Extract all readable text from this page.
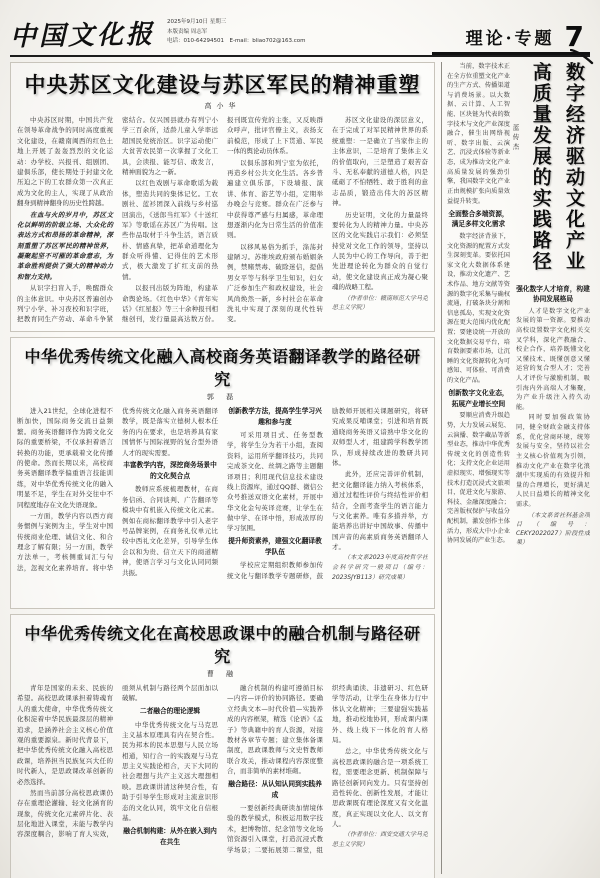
中国文化报 2025年9月10日 星期三
本版责编 周志军
电话：010-64294501　E-mail：bliao702@163.com	理论·专题 7
中央苏区文化建设与苏区军民的精神重塑
高小华

中央苏区时期，中国共产党在领导革命战争的同时高度重视文化建设，在赣南闽西的红色土地上开展了轰轰烈烈的文化运动：办学校、兴报刊、组剧团、建俱乐部，使长期处于封建文化压迫之下的工农群众第一次真正成为文化的主人，实现了从政治翻身到精神翻身的历史性跨越。

在血与火的岁月中，苏区文化以鲜明的阶级立场、大众化的表达方式和昂扬的革命精神，深刻重塑了苏区军民的精神世界，凝聚起坚不可摧的革命意志，为革命胜利提供了强大的精神动力和智力支持。

从识字扫盲入手，唤醒群众的主体意识。中央苏区普遍创办列宁小学、补习夜校和识字班，把教育同生产劳动、革命斗争紧密结合。仅兴国县就办有列宁小学三百余所，适龄儿童入学率远超国民党统治区。识字运动使广大贫苦农民第一次掌握了文化工具，会读报、能写信、敢发言，精神面貌为之一新。

以红色戏剧与革命歌谣为载体，塑造共同的集体记忆。工农剧社、蓝衫团深入前线与乡村巡回演出，《送郎当红军》《十送红军》等歌谣在苏区广为传唱。这些作品取材于斗争生活，语言质朴、情感真挚，把革命道理化为群众听得懂、记得住的艺术形式，极大激发了扩红支前的热情。

以报刊出版为阵地，构建革命舆论场。《红色中华》《青年实话》《红星报》等三十余种报刊相继创刊，发行量最高达数万份。报刊既宣传党的主张，又反映群众呼声，批评官僚主义，表扬支前模范，形成了上下贯通、军民一体的舆论动员体系。

以俱乐部和列宁室为依托，再造乡村公共文化生活。各乡普遍建立俱乐部，下设墙报、演讲、体育、游艺等小组，定期举办晚会与竞赛。群众在广泛参与中获得尊严感与归属感，革命理想逐渐内化为日常生活的价值准则。

以移风易俗为抓手，涤荡封建陋习。苏维埃政府颁布婚姻条例，禁赌禁毒、破除迷信，提倡男女平等与科学卫生知识，妇女广泛参加生产和政权建设，社会风尚焕然一新，乡村社会在革命洗礼中实现了深刻的现代性转变。

苏区文化建设的深层意义，在于完成了对军民精神世界的系统重塑：一是确立了当家作主的主体意识，二是培育了集体主义的价值取向，三是塑造了艰苦奋斗、无私奉献的道德人格，四是砥砺了不怕牺牲、敢于胜利的意志品质，锻造出伟大的苏区精神。

历史证明，文化的力量最终要转化为人的精神力量。中央苏区的文化实践启示我们：必须坚持党对文化工作的领导，坚持以人民为中心的工作导向，善于把先进理论转化为群众的自觉行动，使文化建设真正成为凝心聚魂的战略工程。

（作者单位：赣南师范大学马克思主义学院）

中华优秀传统文化融入高校商务英语翻译教学的路径研究
郭 磊

进入21世纪，全球化进程不断加快，国际商务交流日益频繁。商务英语翻译作为跨文化交际的重要桥梁，不仅承担着语言转换的功能，更承载着文化传播的使命。然而长期以来，高校商务英语翻译教学偏重语言技能训练，对中华优秀传统文化的融入明显不足，学生在对外交往中不同程度地存在文化失语现象。

一方面，教学内容以西方商务惯例与案例为主，学生对中国传统商业伦理、诚信文化、和合理念了解有限；另一方面，教学方法单一，考核侧重词汇与句法，忽视文化素养培育。将中华优秀传统文化融入商务英语翻译教学，既是落实立德树人根本任务的内在要求，也是培养具有家国情怀与国际视野的复合型外语人才的现实需要。

丰富教学内容，深挖商务场景中的文化契合点

教师应系统梳理教材，在商务信函、合同谈判、广告翻译等模块中有机嵌入传统文化元素。例如在商标翻译教学中引入老字号品牌案例，在商务礼仪单元比较中西礼文化差异，引导学生体会以和为贵、信立天下的商道精神，使语言学习与文化认同同频共振。

创新教学方法，提高学生学习兴趣和参与度

可采用项目式、任务型教学，将学生分为若干小组，查阅资料，运用所学翻译技巧，共同完成茶文化、丝绸之路等主题翻译项目；利用现代信息技术建设线上资源库，通过QQ群、微信公众号推送双语文化素材，开展中华文化金句英译竞赛，让学生在做中学、在译中悟，形成浓厚的学习氛围。

提升师资素养，建强文化翻译教学队伍

学校应定期组织教师参加传统文化与翻译教学专题研修，鼓励教师开展相关课题研究，将研究成果反哺课堂；引进和培育既通晓商务英语又谙熟中华文化的双师型人才，组建跨学科教学团队，形成持续改进的教研共同体。

此外，还应完善评价机制，把文化翻译能力纳入考核体系，通过过程性评价与终结性评价相结合，全面考查学生的语言能力与文化素养。唯有多措并举，方能培养出讲好中国故事、传播中国声音的高素质商务英语翻译人才。

（本文系2023年度高校哲学社会科学研究一般项目（编号：2023SJYB113）研究成果）

中华优秀传统文化在高校思政课中的融合机制与路径研究
曹 融

青年是国家的未来、民族的希望。高校思政课承担着铸魂育人的重大使命，中华优秀传统文化积淀着中华民族最深层的精神追求，是涵养社会主义核心价值观的重要源泉。新时代背景下，把中华优秀传统文化融入高校思政课，培养担当民族复兴大任的时代新人，是思政课改革创新的必然选择。

然而当前部分高校思政课仍存在重理论灌输、轻文化涵育的现象，传统文化元素碎片化、表层化地进入课堂，未能与教学内容深度耦合，影响了育人实效，亟须从机制与路径两个层面加以破解。

二者融合的理论逻辑

中华优秀传统文化与马克思主义基本原理具有内在契合性。民为邦本的民本思想与人民立场相通，知行合一的实践观与马克思主义实践论相合，天下大同的社会理想与共产主义远大理想相映。思政课讲清这种契合性，有助于引导学生形成对主流意识形态的文化认同，筑牢文化自信根基。

融合机制构建：从外在嵌入到内在共生

融合机制的构建可遵循目标—内容—评价的协同路径。要确立经典文本—时代价值—实践养成的内容框架，精选《论语》《孟子》等典籍中的育人资源，对接教材各章节专题；建立集体备课制度，思政课教师与文史哲教师联合攻关，推动课程内容深度整合，而非简单的素材堆砌。

融合路径：从认知认同到实践养成

一要创新经典研读加情境体验的教学模式，积极运用数字技术，把博物馆、纪念馆等文化场馆资源引入课堂，打造沉浸式教学场景；二要拓展第二课堂，组织经典诵读、非遗研习、红色研学等活动，让学生在身体力行中体认文化精神；三要建强实践基地，推动校地协同，形成课内课外、线上线下一体化的育人格局。

总之，中华优秀传统文化与高校思政课的融合是一项系统工程，需要理念更新、机制保障与路径创新同向发力。只有坚持创造性转化、创新性发展，才能让思政课既有理论深度又有文化温度，真正实现以文化人、以文育人。

（作者单位：西安交通大学马克思主义学院）

当前，数字技术正在全方位重塑文化产业的生产方式、传播渠道与消费场景。以大数据、云计算、人工智能、区块链为代表的数字技术与文化产业深度融合，催生出网络视听、数字出版、云演艺、沉浸式体验等新业态，成为推动文化产业高质量发展的强劲引擎，我国数字文化产业正由规模扩张向质量效益提升转变。

全面整合多端资源，满足多样文化需求

数字经济背景下，文化资源的配置方式发生深刻变革。要依托国家文化大数据体系建设，推动文化遗产、艺术作品、地方文献等资源的数字化采集与确权流通，打破条块分割和信息孤岛，实现文化资源在更大范围内优化配置；要建设统一开放的文化数据交易平台，培育数据要素市场，让沉睡的文化资源转化为可感知、可体验、可消费的文化产品。

创新数字文化业态，拓展产业增长空间

要顺应消费升级趋势，大力发展云展览、云演播、数字藏品等新型业态，推动中华优秀传统文化的创造性转化；支持文化企业运用虚拟现实、增强现实等技术打造沉浸式文旅项目，促进文化与旅游、科技、金融深度融合；完善版权保护与收益分配机制，激发创作主体活力，形成大中小企业协同发展的产业生态。

蓝传杰	数字经济驱动文化产业高质量发展的实践路径
强化数字人才培育，构建协同发展格局

人才是数字文化产业发展的第一资源。要推动高校设置数字文化相关交叉学科，深化产教融合、校企合作，培养既懂文化又懂技术、既懂创意又懂运营的复合型人才；完善人才评价与激励机制，吸引海内外高端人才集聚，为产业升级注入持久动能。

同时要加强政策协同，健全财政金融支持体系，优化营商环境，统筹发展与安全，坚持以社会主义核心价值观为引领，推动文化产业在数字化浪潮中实现质的有效提升和量的合理增长，更好满足人民日益增长的精神文化需求。

（本文系省社科基金项目（编号：CEKY2022027）阶段性成果）
